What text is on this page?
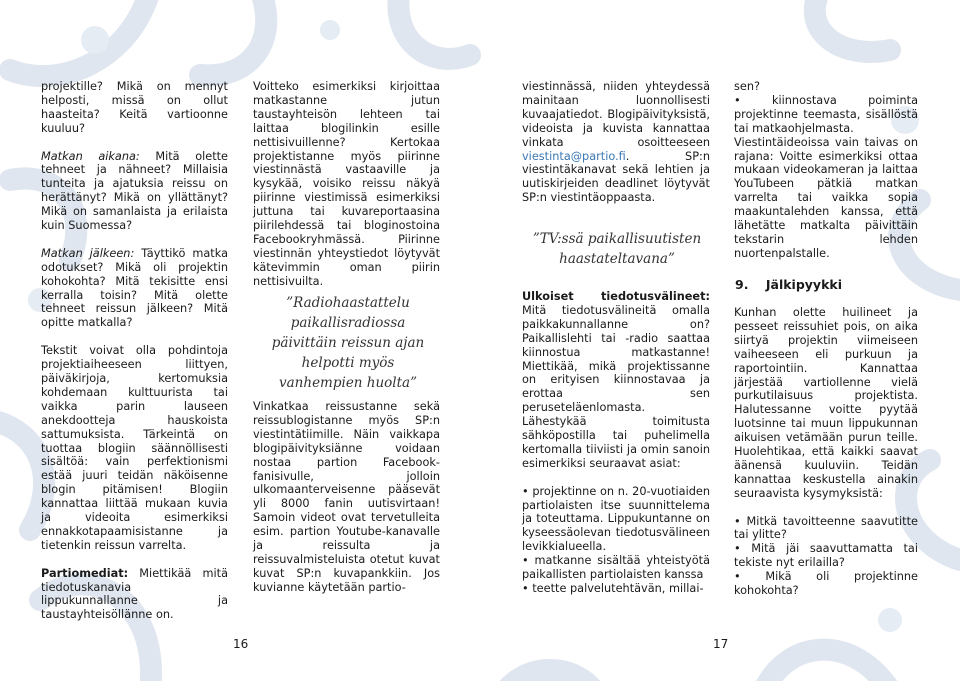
projektille? Mikä on mennyt helposti, missä on ollut haasteita? Keitä vartioonne kuuluu?

Matkan aikana: Mitä olette tehneet ja nähneet? Millaisia tunteita ja ajatuksia reissu on herättänyt? Mikä on yllättänyt? Mikä on samanlaista ja erilaista kuin Suomessa?

Matkan jälkeen: Täyttikö matka odotukset? Mikä oli projektin kohokohta? Mitä tekisitte ensi kerralla toisin? Mitä olette tehneet reissun jälkeen? Mitä opitte matkalla?

Tekstit voivat olla pohdintoja projektiaiheeseen liittyen, päiväkirjoja, kertomuksia kohdemaan kulttuurista tai vaikka parin lauseen anekdootteja hauskoista sattumuksista. Tärkeintä on tuottaa blogiin säännöllisesti sisältöä: vain perfektionismi estää juuri teidän näköisenne blogin pitämisen! Blogiin kannattaa liittää mukaan kuvia ja videoita esimerkiksi ennakkotapaamisistanne ja tietenkin reissun varrelta.

Partiomediat: Miettikää mitä tiedotuskanavia lippukunnallanne ja taustayhteisöllänne on.

Voitteko esimerkiksi kirjoittaa matkastanne jutun taustayhteisön lehteen tai laittaa blogilinkin esille nettisivuillenne? Kertokaa projektistanne myös piirinne viestinnästä vastaaville ja kysykää, voisiko reissu näkyä piirinne viestimissä esimerkiksi juttuna tai kuvareportaasina piirilehdessä tai bloginostoina Facebookryhmässä. Piirinne viestinnän yhteystiedot löytyvät kätevimmin oman piirin nettisivuilta.

”Radiohaastattelu paikallisradiossa päivittäin reissun ajan helpotti myös vanhempien huolta”

Vinkatkaa reissustanne sekä reissublogistanne myös SP:n viestintätiimille. Näin vaikkapa blogipäivityksiänne voidaan nostaa partion Facebook-fanisivulle, jolloin ulkomaanterveisenne pääsevät yli 8000 fanin uutisvirtaan! Samoin videot ovat tervetulleita esim. partion Youtube-kanavalle ja reissulta ja reissuvalmisteluista otetut kuvat kuvat SP:n kuvapankkiin. Jos kuvianne käytetään partio-

16

viestinnässä, niiden yhteydessä mainitaan luonnollisesti kuvaajatiedot. Blogipäivityksistä, videoista ja kuvista kannattaa vinkata osoitteeseen viestinta@partio.fi. SP:n viestintäkanavat sekä lehtien ja uutiskirjeiden deadlinet löytyvät SP:n viestintäoppaasta.

”TV:ssä paikallisuutisten haastateltavana”

Ulkoiset tiedotusvälineet: Mitä tiedotusvälineitä omalla paikkakunnallanne on? Paikallislehti tai -radio saattaa kiinnostua matkastanne! Miettikää, mikä projektissanne on erityisen kiinnostavaa ja erottaa sen peruseteläenlomasta. Lähestykää toimitusta sähköpostilla tai puhelimella kertomalla tiiviisti ja omin sanoin esimerkiksi seuraavat asiat:

• projektinne on n. 20-vuotiaiden partiolaisten itse suunnittelema ja toteuttama. Lippukuntanne on kyseessäolevan tiedotusvälineen levikkialueella.
• matkanne sisältää yhteistyötä paikallisten partiolaisten kanssa
• teette palvelutehtävän, millai-
sen?
• kiinnostava poiminta projektinne teemasta, sisällöstä tai matkaohjelmasta.

Viestintäideoissa vain taivas on rajana: Voitte esimerkiksi ottaa mukaan videokameran ja laittaa YouTubeen pätkiä matkan varrelta tai vaikka sopia maakuntalehden kanssa, että lähetätte matkalta päivittäin tekstarin lehden nuortenpalstalle.

9.    Jälkipyykki

Kunhan olette huilineet ja pesseet reissuhiet pois, on aika siirtyä projektin viimeiseen vaiheeseen eli purkuun ja raportointiin. Kannattaa järjestää vartiollenne vielä purkutilaisuus projektista. Halutessanne voitte pyytää luotsinne tai muun lippukunnan aikuisen vetämään purun teille. Huolehtikaa, että kaikki saavat äänensä kuuluviin. Teidän kannattaa keskustella ainakin seuraavista kysymyksistä:

• Mitkä tavoitteenne saavutitte tai ylitte?
• Mitä jäi saavuttamatta tai tekiste nyt erilailla?
• Mikä oli projektinne kohokohta?
17
